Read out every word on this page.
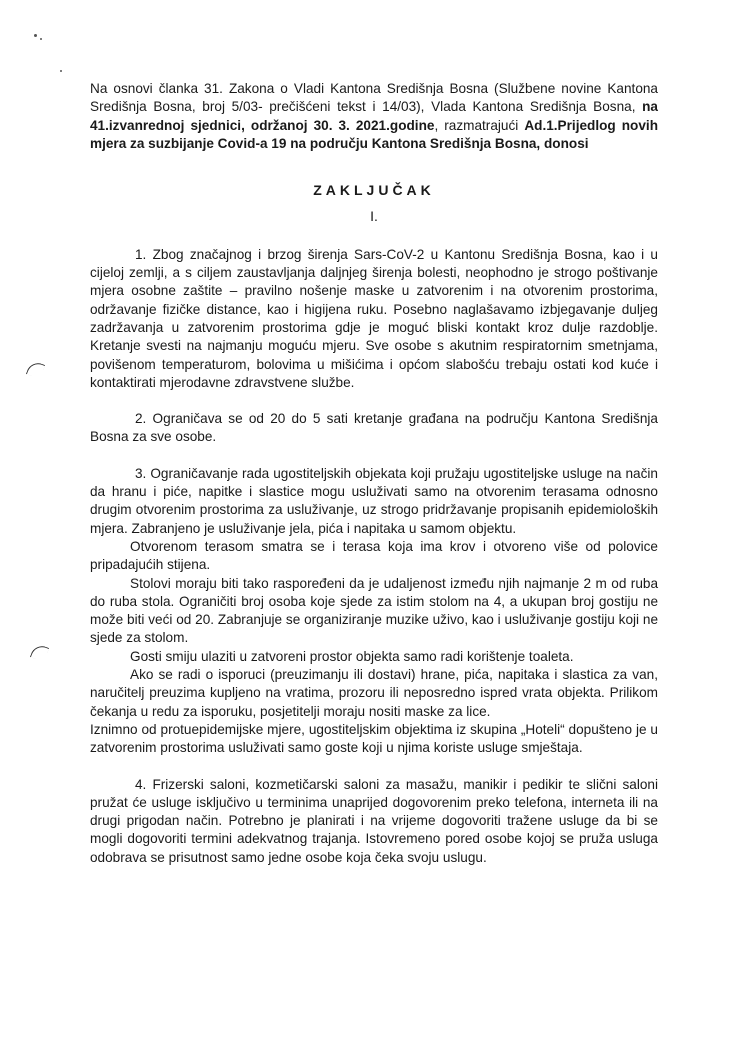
Na osnovi članka 31. Zakona o Vladi Kantona Središnja Bosna (Službene novine Kantona Središnja Bosna, broj 5/03- prečišćeni tekst i 14/03), Vlada Kantona Središnja Bosna, na 41.izvanrednoj sjednici, održanoj 30. 3. 2021.godine, razmatrajući Ad.1.Prijedlog novih mjera za suzbijanje Covid-a 19 na području Kantona Središnja Bosna, donosi

ZAKLJUČAK
I.

1. Zbog značajnog i brzog širenja Sars-CoV-2 u Kantonu Središnja Bosna, kao i u cijeloj zemlji, a s ciljem zaustavljanja daljnjeg širenja bolesti, neophodno je strogo poštivanje mjera osobne zaštite – pravilno nošenje maske u zatvorenim i na otvorenim prostorima, održavanje fizičke distance, kao i higijena ruku. Posebno naglašavamo izbjegavanje duljeg zadržavanja u zatvorenim prostorima gdje je moguć bliski kontakt kroz dulje razdoblje. Kretanje svesti na najmanju moguću mjeru. Sve osobe s akutnim respiratornim smetnjama, povišenom temperaturom, bolovima u mišićima i općom slabošću trebaju ostati kod kuće i kontaktirati mjerodavne zdravstvene službe.

2. Ograničava se od 20 do 5 sati kretanje građana na području Kantona Središnja Bosna za sve osobe.

3. Ograničavanje rada ugostiteljskih objekata koji pružaju ugostiteljske usluge na način da hranu i piće, napitke i slastice mogu usluživati samo na otvorenim terasama odnosno drugim otvorenim prostorima za usluživanje, uz strogo pridržavanje propisanih epidemioloških mjera. Zabranjeno je usluživanje jela, pića i napitaka u samom objektu.

Otvorenom terasom smatra se i terasa koja ima krov i otvoreno više od polovice pripadajućih stijena.

Stolovi moraju biti tako raspoređeni da je udaljenost između njih najmanje 2 m od ruba do ruba stola. Ograničiti broj osoba koje sjede za istim stolom na 4, a ukupan broj gostiju ne može biti veći od 20. Zabranjuje se organiziranje muzike uživo, kao i usluživanje gostiju koji ne sjede za stolom.

Gosti smiju ulaziti u zatvoreni prostor objekta samo radi korištenje toaleta.

Ako se radi o isporuci (preuzimanju ili dostavi) hrane, pića, napitaka i slastica za van, naručitelj preuzima kupljeno na vratima, prozoru ili neposredno ispred vrata objekta. Prilikom čekanja u redu za isporuku, posjetitelji moraju nositi maske za lice.

Iznimno od protuepidemijske mjere, ugostiteljskim objektima iz skupina „Hoteli“ dopušteno je u zatvorenim prostorima usluživati samo goste koji u njima koriste usluge smještaja.

4. Frizerski saloni, kozmetičarski saloni za masažu, manikir i pedikir te slični saloni pružat će usluge isključivo u terminima unaprijed dogovorenim preko telefona, interneta ili na drugi prigodan način. Potrebno je planirati i na vrijeme dogovoriti tražene usluge da bi se mogli dogovoriti termini adekvatnog trajanja. Istovremeno pored osobe kojoj se pruža usluga odobrava se prisutnost samo jedne osobe koja čeka svoju uslugu.
